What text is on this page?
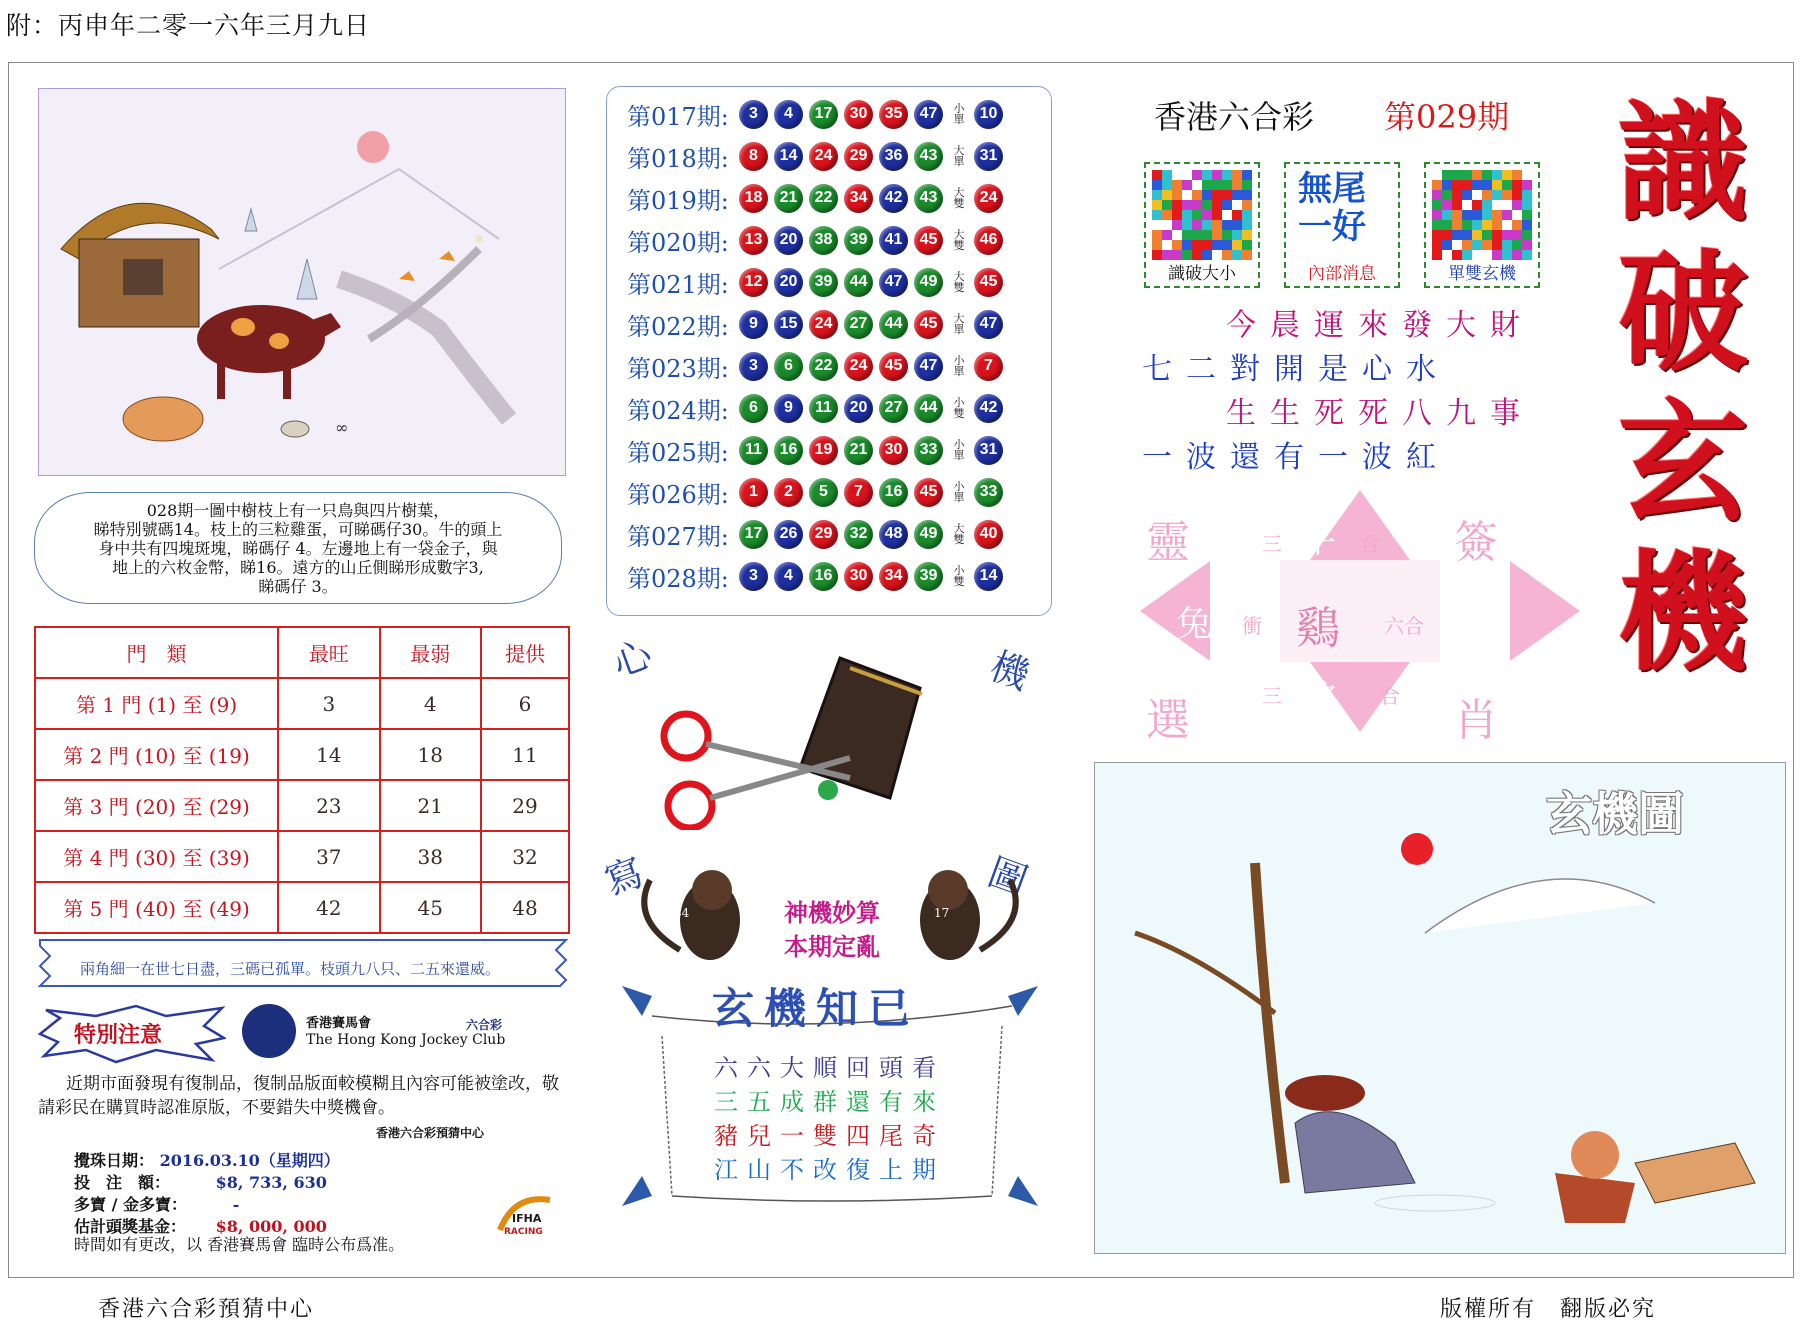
附：丙申年二零一六年三月九日
∞
028期一圖中樹枝上有一只鳥與四片樹葉，
睇特別號碼14。枝上的三粒雞蛋，可睇碼仔30。牛的頭上
身中共有四塊斑塊，睇碼仔 4。左邊地上有一袋金子，與
地上的六枚金幣，睇16。遠方的山丘側睇形成數字3,
睇碼仔 3。
門　類	最旺	最弱	提供
第 1 門 (1) 至 (9)	3	4	6
第 2 門 (10) 至 (19)	14	18	11
第 3 門 (20) 至 (29)	23	21	29
第 4 門 (30) 至 (39)	37	38	32
第 5 門 (40) 至 (49)	42	45	48
兩角細一在世七日盡，三碼已孤單。枝頭九八只、二五來還威。
特別注意	香港賽馬會
The Hong Kong Jockey Club
六合彩
近期市面發現有復制品，復制品版面較模糊且內容可能被塗改，敬請彩民在購買時認准原版，不要錯失中獎機會。
香港六合彩預猜中心
攪珠日期： 2016.03.10（星期四）
投　注　額：	$8, 733, 630
多寶 / 金多寶：	-
估計頭獎基金： $8, 000, 000
時間如有更改，以 香港賽馬會 臨時公布爲准。
IFHA
RACING
第017期:	3	4	17	30	35	47	小單 10
第018期:	8	14	24	29	36	43	大單 31
第019期: 18	21	22	34	42	43	大雙 24
第020期: 13	20	38	39	41	45	大雙 46
第021期: 12	20	39	44	47	49	大雙 45
第022期:	9	15	24	27	44	45	大單 47
第023期:	3	6	22	24	45	47	小單	7
第024期:	6	9	11	20	27	44	小雙 42
第025期:	11	16	19	21	30	33	小單 31
第026期:	1	2	5	7	16	45	小單 33
第027期: 17	26	29	32	48	49	大雙 40
第028期:	3	4	16	30	34	39	小雙 14
心	機
寫	圖
34	17
神機妙算
本期定亂
玄機知已
六六大順回頭看
三五成群還有來
豬兒一雙四尾奇
江山不改復上期
香港六合彩 第029期
識破大小
無尾
一好
內部消息	單雙玄機
今晨運來發大財
七二對開是心水
生生死死八九事
一波還有一波紅
靈	簽
選	肖
牛
蛇
兔	龍
鷄
三	合
衝	六合
三	合
識
破
玄
機
玄機圖
香港六合彩預猜中心	版權所有　翻版必究
